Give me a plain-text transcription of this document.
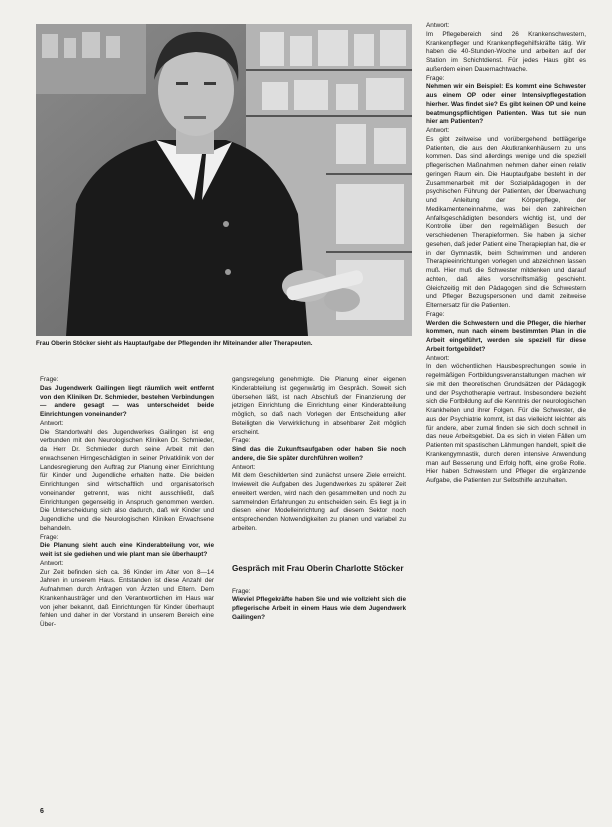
Frau Oberin Stöcker sieht als Hauptaufgabe der Pflegenden ihr Miteinander aller Therapeuten.

Frage:

Das Jugendwerk Gailingen liegt räumlich weit entfernt von den Kliniken Dr. Schmieder, bestehen Verbindungen — andere gesagt — was unterscheidet beide Einrichtungen voneinander?

Antwort:

Die Standortwahl des Jugendwerkes Gailingen ist eng verbunden mit den Neurologischen Kliniken Dr. Schmieder, da Herr Dr. Schmieder durch seine Arbeit mit den erwachsenen Hirngeschädigten in seiner Privatklinik von der Landesregierung den Auftrag zur Planung einer Einrichtung für Kinder und Jugendliche erhalten hatte. Die beiden Einrichtungen sind wirtschaftlich und organisatorisch voneinander getrennt, was nicht ausschließt, daß Einrichtungen gegenseitig in Anspruch genommen werden. Die Unterscheidung sich also dadurch, daß wir Kinder und Jugendliche und die Neurologischen Kliniken Erwachsene behandeln.

Frage:

Die Planung sieht auch eine Kinderabteilung vor, wie weit ist sie gediehen und wie plant man sie überhaupt?

Antwort:

Zur Zeit befinden sich ca. 36 Kinder im Alter von 8—14 Jahren in unserem Haus. Entstanden ist diese Anzahl der Aufnahmen durch Anfragen von Ärzten und Eltern. Dem Krankenhausträger und den Verantwortlichen im Haus war von jeher bekannt, daß Einrichtungen für Kinder überhaupt fehlen und daher in der Vorstand in unserem Bereich eine Über-

gangsregelung genehmigte. Die Planung einer eigenen Kinderabteilung ist gegenwärtig im Gespräch. Soweit sich übersehen läßt, ist nach Abschluß der Finanzierung der jetzigen Einrichtung die Einrichtung einer Kinderabteilung möglich, so daß nach Vorlegen der Entscheidung aller Beteiligten die Verwirklichung in absehbarer Zeit möglich erscheint.

Frage:

Sind das die Zukunftsaufgaben oder haben Sie noch andere, die Sie später durchführen wollen?

Antwort:

Mit dem Geschilderten sind zunächst unsere Ziele erreicht. Inwieweit die Aufgaben des Jugendwerkes zu späterer Zeit erweitert werden, wird nach den gesammelten und noch zu sammelnden Erfahrungen zu entscheiden sein. Es liegt ja in diesen einer Modelleinrichtung auf diesem Sektor noch entsprechenden Notwendigkeiten zu planen und variabel zu arbeiten.

Gespräch mit Frau Oberin Charlotte Stöcker

Frage:

Wieviel Pflegekräfte haben Sie und wie vollzieht sich die pflegerische Arbeit in einem Haus wie dem Jugendwerk Gailingen?

Antwort:

Im Pflegebereich sind 26 Krankenschwestern, Krankenpfleger und Krankenpflegehilfskräfte tätig. Wir haben die 40-Stunden-Woche und arbeiten auf der Station im Schichtdienst. Für jedes Haus gibt es außerdem einen Dauernachtwache.

Frage:

Nehmen wir ein Beispiel: Es kommt eine Schwester aus einem OP oder einer Intensivpflegestation hierher. Was findet sie? Es gibt keinen OP und keine beatmungspflichtigen Patienten. Was tut sie nun hier am Patienten?

Antwort:

Es gibt zeitweise und vorübergehend bettlägerige Patienten, die aus den Akutkrankenhäusern zu uns kommen. Das sind allerdings wenige und die speziell pflegerischen Maßnahmen nehmen daher einen relativ geringen Raum ein. Die Hauptaufgabe besteht in der Zusammenarbeit mit der Sozialpädagogen in der psychischen Führung der Patienten, der Überwachung und Anleitung der Körperpflege, der Medikamenteneinnahme, was bei den zahlreichen Anfallsgeschädigten besonders wichtig ist, und der Kontrolle über den regelmäßigen Besuch der verschiedenen Therapieformen. Sie haben ja sicher gesehen, daß jeder Patient eine Therapieplan hat, die er in der Gymnastik, beim Schwimmen und anderen Therapieeinrichtungen vorlegen und abzeichnen lassen muß. Hier muß die Schwester mitdenken und darauf achten, daß alles vorschriftsmäßig geschieht. Gleichzeitig mit den Pädagogen sind die Schwestern und Pfleger Bezugspersonen und damit zeitweise Elternersatz für die Patienten.

Frage:

Werden die Schwestern und die Pfleger, die hierher kommen, nun nach einem bestimmten Plan in die Arbeit eingeführt, werden sie speziell für diese Arbeit fortgebildet?

Antwort:

In den wöchentlichen Hausbesprechungen sowie in regelmäßigen Fortbildungsveranstaltungen machen wir sie mit den theoretischen Grundsätzen der Pädagogik und der Psychotherapie vertraut. Insbesondere bezieht sich die Fortbildung auf die Kenntnis der neurologischen Krankheiten und ihrer Folgen. Für die Schwester, die aus der Psychiatrie kommt, ist das vielleicht leichter als für andere, aber zumal finden sie sich doch schnell in das neue Arbeitsgebiet. Da es sich in vielen Fällen um Patienten mit spastischen Lähmungen handelt, spielt die Krankengymnastik, durch deren intensive Anwendung man auf Besserung und Erfolg hofft, eine große Rolle. Hier haben Schwestern und Pfleger die ergänzende Aufgabe, die Patienten zur Selbsthilfe anzuhalten.

6
